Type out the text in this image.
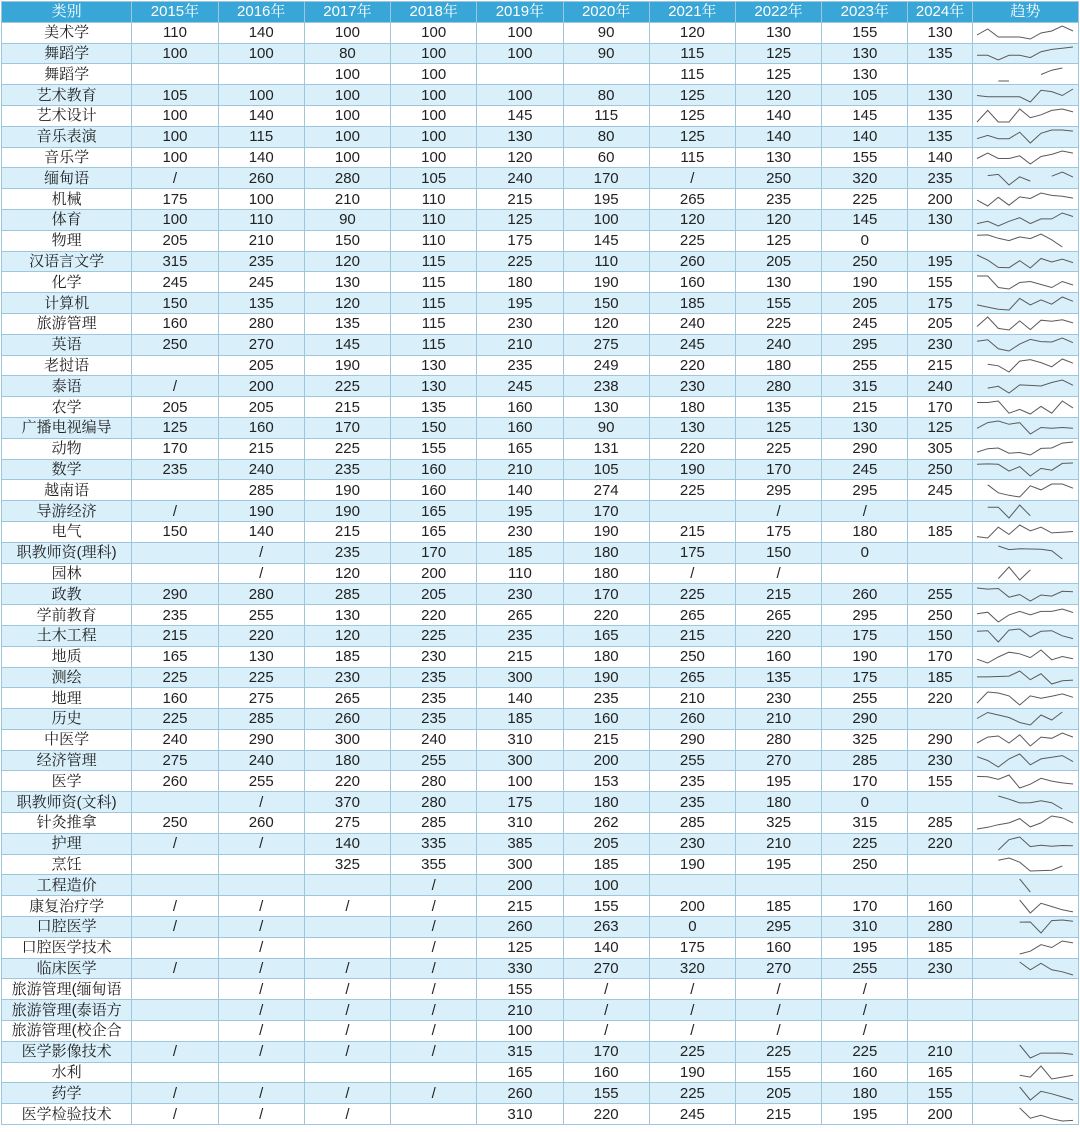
类别	2015年	2016年	2017年	2018年	2019年	2020年	2021年	2022年	2023年	2024年	趋势
美术学	110	140	100	100	100	90	120	130	155	130	

舞蹈学	100	100	80	100	100	90	115	125	130	135	

舞蹈学			100	100			115	125	130		

艺术教育	105	100	100	100	100	80	125	120	105	130	

艺术设计	100	140	100	100	145	115	125	140	145	135	

音乐表演	100	115	100	100	130	80	125	140	140	135	

音乐学	100	140	100	100	120	60	115	130	155	140	

缅甸语	/	260	280	105	240	170	/	250	320	235	

机械	175	100	210	110	215	195	265	235	225	200	

体育	100	110	90	110	125	100	120	120	145	130	

物理	205	210	150	110	175	145	225	125	0		

汉语言文学	315	235	120	115	225	110	260	205	250	195	

化学	245	245	130	115	180	190	160	130	190	155	

计算机	150	135	120	115	195	150	185	155	205	175	

旅游管理	160	280	135	115	230	120	240	225	245	205	

英语	250	270	145	115	210	275	245	240	295	230	

老挝语		205	190	130	235	249	220	180	255	215	

泰语	/	200	225	130	245	238	230	280	315	240	

农学	205	205	215	135	160	130	180	135	215	170	

广播电视编导	125	160	170	150	160	90	130	125	130	125	

动物	170	215	225	155	165	131	220	225	290	305	

数学	235	240	235	160	210	105	190	170	245	250	

越南语		285	190	160	140	274	225	295	295	245	

导游经济	/	190	190	165	195	170		/	/		

电气	150	140	215	165	230	190	215	175	180	185	

职教师资(理科)		/	235	170	185	180	175	150	0		

园林		/	120	200	110	180	/	/			

政教	290	280	285	205	230	170	225	215	260	255	

学前教育	235	255	130	220	265	220	265	265	295	250	

土木工程	215	220	120	225	235	165	215	220	175	150	

地质	165	130	185	230	215	180	250	160	190	170	

测绘	225	225	230	235	300	190	265	135	175	185	

地理	160	275	265	235	140	235	210	230	255	220	

历史	225	285	260	235	185	160	260	210	290		

中医学	240	290	300	240	310	215	290	280	325	290	

经济管理	275	240	180	255	300	200	255	270	285	230	

医学	260	255	220	280	100	153	235	195	170	155	

职教师资(文科)		/	370	280	175	180	235	180	0		

针灸推拿	250	260	275	285	310	262	285	325	315	285	

护理	/	/	140	335	385	205	230	210	225	220	

烹饪			325	355	300	185	190	195	250		

工程造价				/	200	100					

康复治疗学	/	/	/	/	215	155	200	185	170	160	

口腔医学	/	/		/	260	263	0	295	310	280	

口腔医学技术		/		/	125	140	175	160	195	185	

临床医学	/	/	/	/	330	270	320	270	255	230	

旅游管理(缅甸语		/	/	/	155	/	/	/	/		

旅游管理(泰语方		/	/	/	210	/	/	/	/		

旅游管理(校企合		/	/	/	100	/	/	/	/		

医学影像技术	/	/	/	/	315	170	225	225	225	210	

水利					165	160	190	155	160	165	

药学	/	/	/	/	260	155	225	205	180	155	

医学检验技术	/	/	/		310	220	245	215	195	200	
